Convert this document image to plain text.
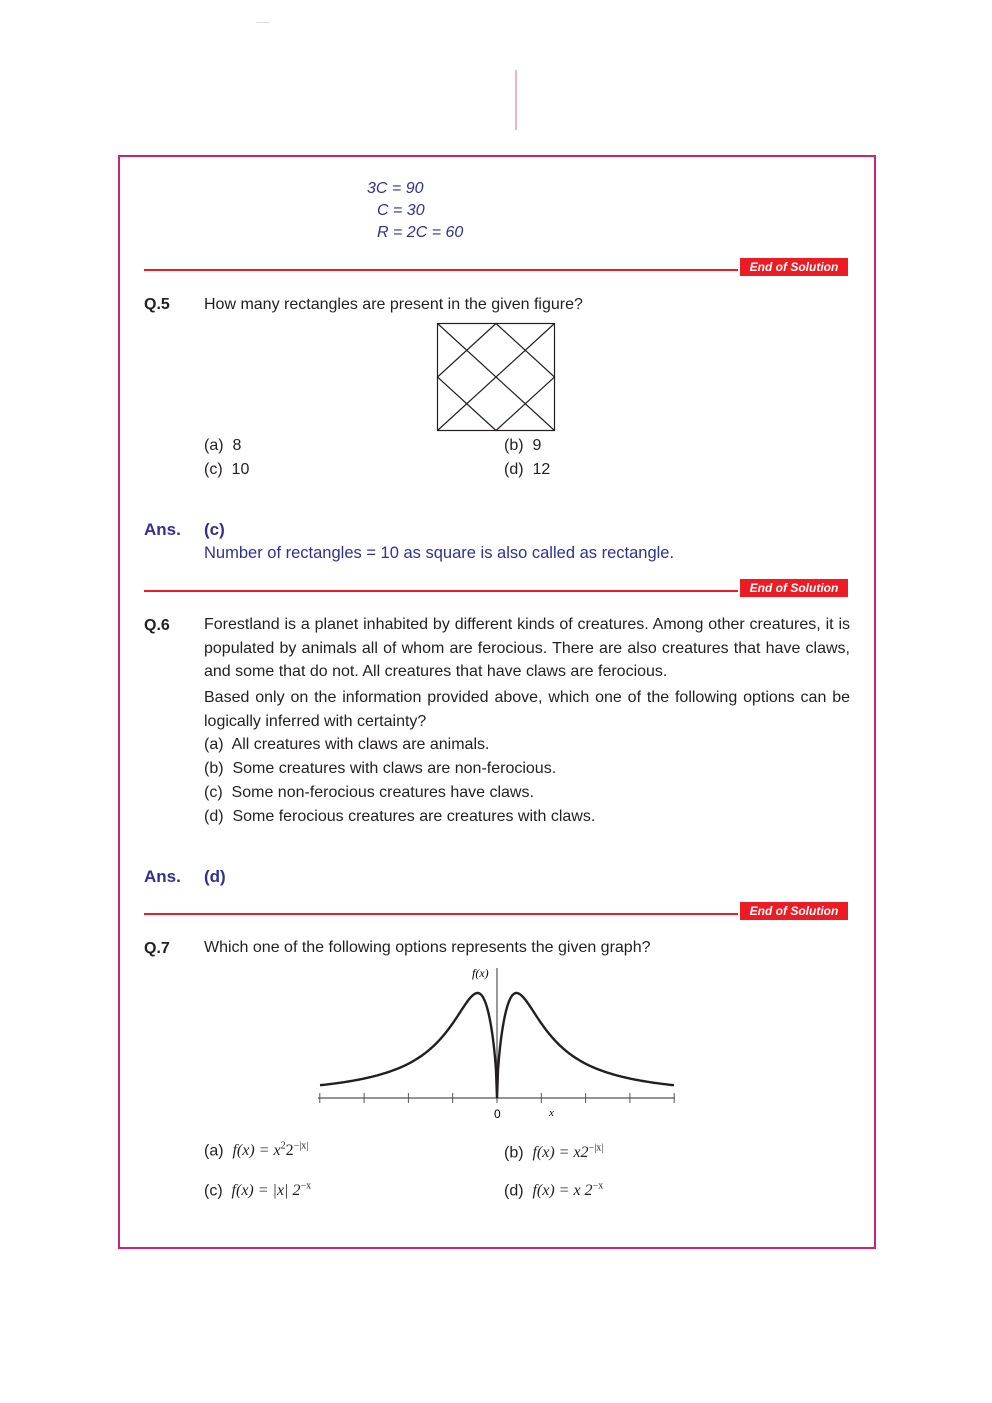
3C = 90
C = 30
R = 2C = 60
End of Solution
Q.5 How many rectangles are present in the given figure?
(a) 8	(b) 9
(c) 10	(d) 12
Ans. (c)
Number of rectangles = 10 as square is also called as rectangle.
End of Solution
Q.6 Forestland is a planet inhabited by different kinds of creatures. Among other creatures, it is populated by animals all of whom are ferocious. There are also creatures that have claws, and some that do not. All creatures that have claws are ferocious.
Based only on the information provided above, which one of the following options can be logically inferred with certainty?
(a) All creatures with claws are animals.
(b) Some creatures with claws are non-ferocious.
(c) Some non-ferocious creatures have claws.
(d) Some ferocious creatures are creatures with claws.
Ans. (d)
End of Solution
Q.7 Which one of the following options represents the given graph?
f(x)
0	x
(a) $f(x) = x^22^{-|x|}$	(b) $f(x) = x2^{-|x|}$
(c) f(x) = |x| $2^{-x}$	(d) f(x) = x $2^{-x}$
